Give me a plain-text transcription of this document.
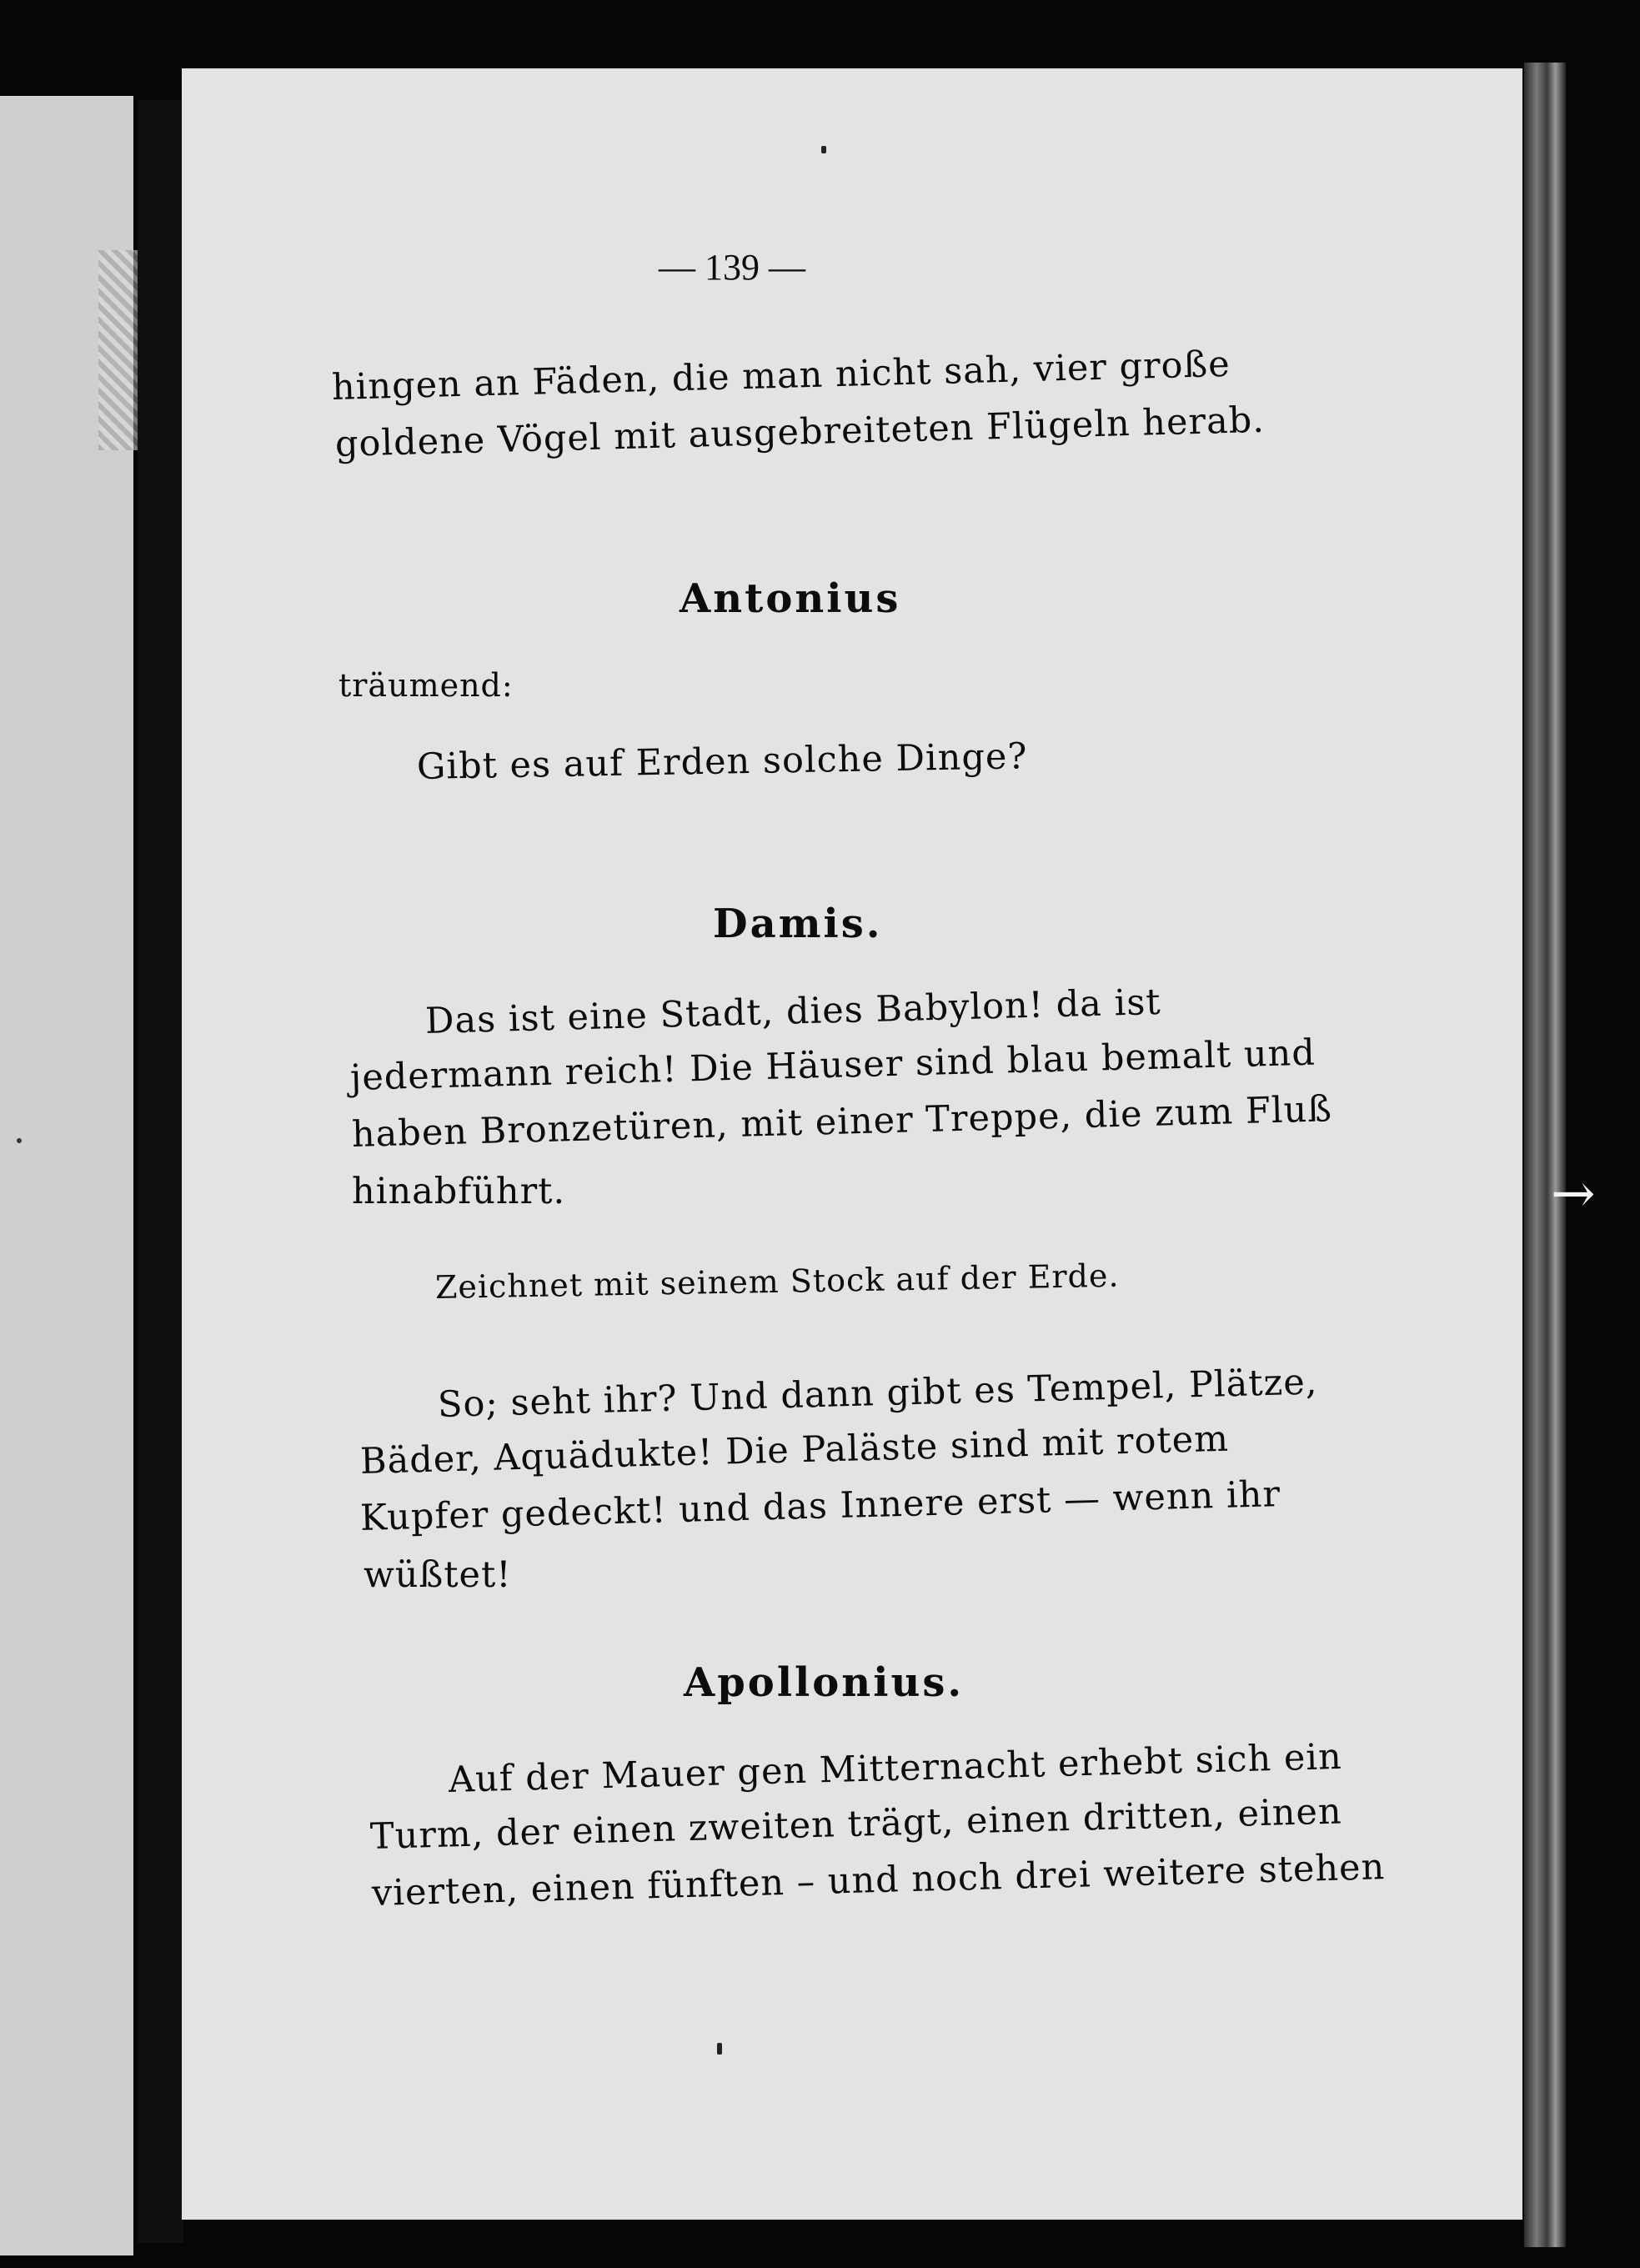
→
— 139 —
hingen an Fäden, die man nicht sah, vier große
goldene Vögel mit ausgebreiteten Flügeln herab.
Antonius
träumend:
Gibt es auf Erden solche Dinge?
Damis.
Das ist eine Stadt, dies Babylon! da ist
jedermann reich! Die Häuser sind blau bemalt und
haben Bronzetüren, mit einer Treppe, die zum Fluß
hinabführt.
Zeichnet mit seinem Stock auf der Erde.
So; seht ihr? Und dann gibt es Tempel, Plätze,
Bäder, Aquädukte! Die Paläste sind mit rotem
Kupfer gedeckt! und das Innere erst — wenn ihr
wüßtet!
Apollonius.
Auf der Mauer gen Mitternacht erhebt sich ein
Turm, der einen zweiten trägt, einen dritten, einen
vierten, einen fünften – und noch drei weitere stehen
